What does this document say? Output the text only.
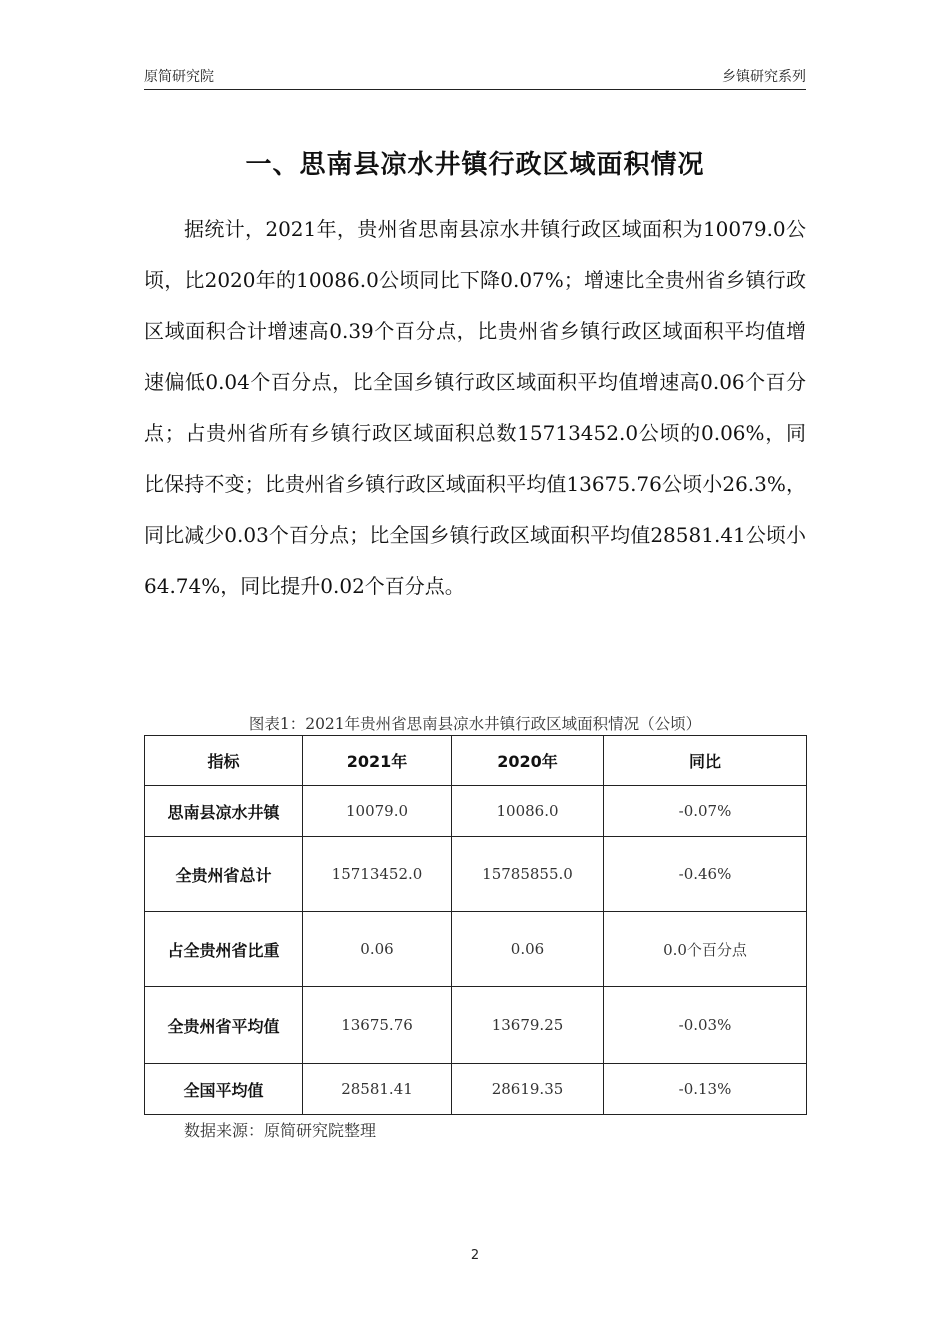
原简研究院	乡镇研究系列
一、思南县凉水井镇行政区域面积情况

据统计，2021年，贵州省思南县凉水井镇行政区域面积为10079.0公顷，比2020年的10086.0公顷同比下降0.07%；增速比全贵州省乡镇行政区域面积合计增速高0.39个百分点，比贵州省乡镇行政区域面积平均值增速偏低0.04个百分点，比全国乡镇行政区域面积平均值增速高0.06个百分点；占贵州省所有乡镇行政区域面积总数15713452.0公顷的0.06%，同比保持不变；比贵州省乡镇行政区域面积平均值13675.76公顷小26.3%，同比减少0.03个百分点；比全国乡镇行政区域面积平均值28581.41公顷小64.74%，同比提升0.02个百分点。

图表1：2021年贵州省思南县凉水井镇行政区域面积情况（公顷）
指标	2021年	2020年	同比
思南县凉水井镇	10079.0	10086.0	-0.07%
全贵州省总计	15713452.0	15785855.0	-0.46%
占全贵州省比重	0.06	0.06	0.0个百分点
全贵州省平均值	13675.76	13679.25	-0.03%
全国平均值	28581.41	28619.35	-0.13%
数据来源：原简研究院整理
2
